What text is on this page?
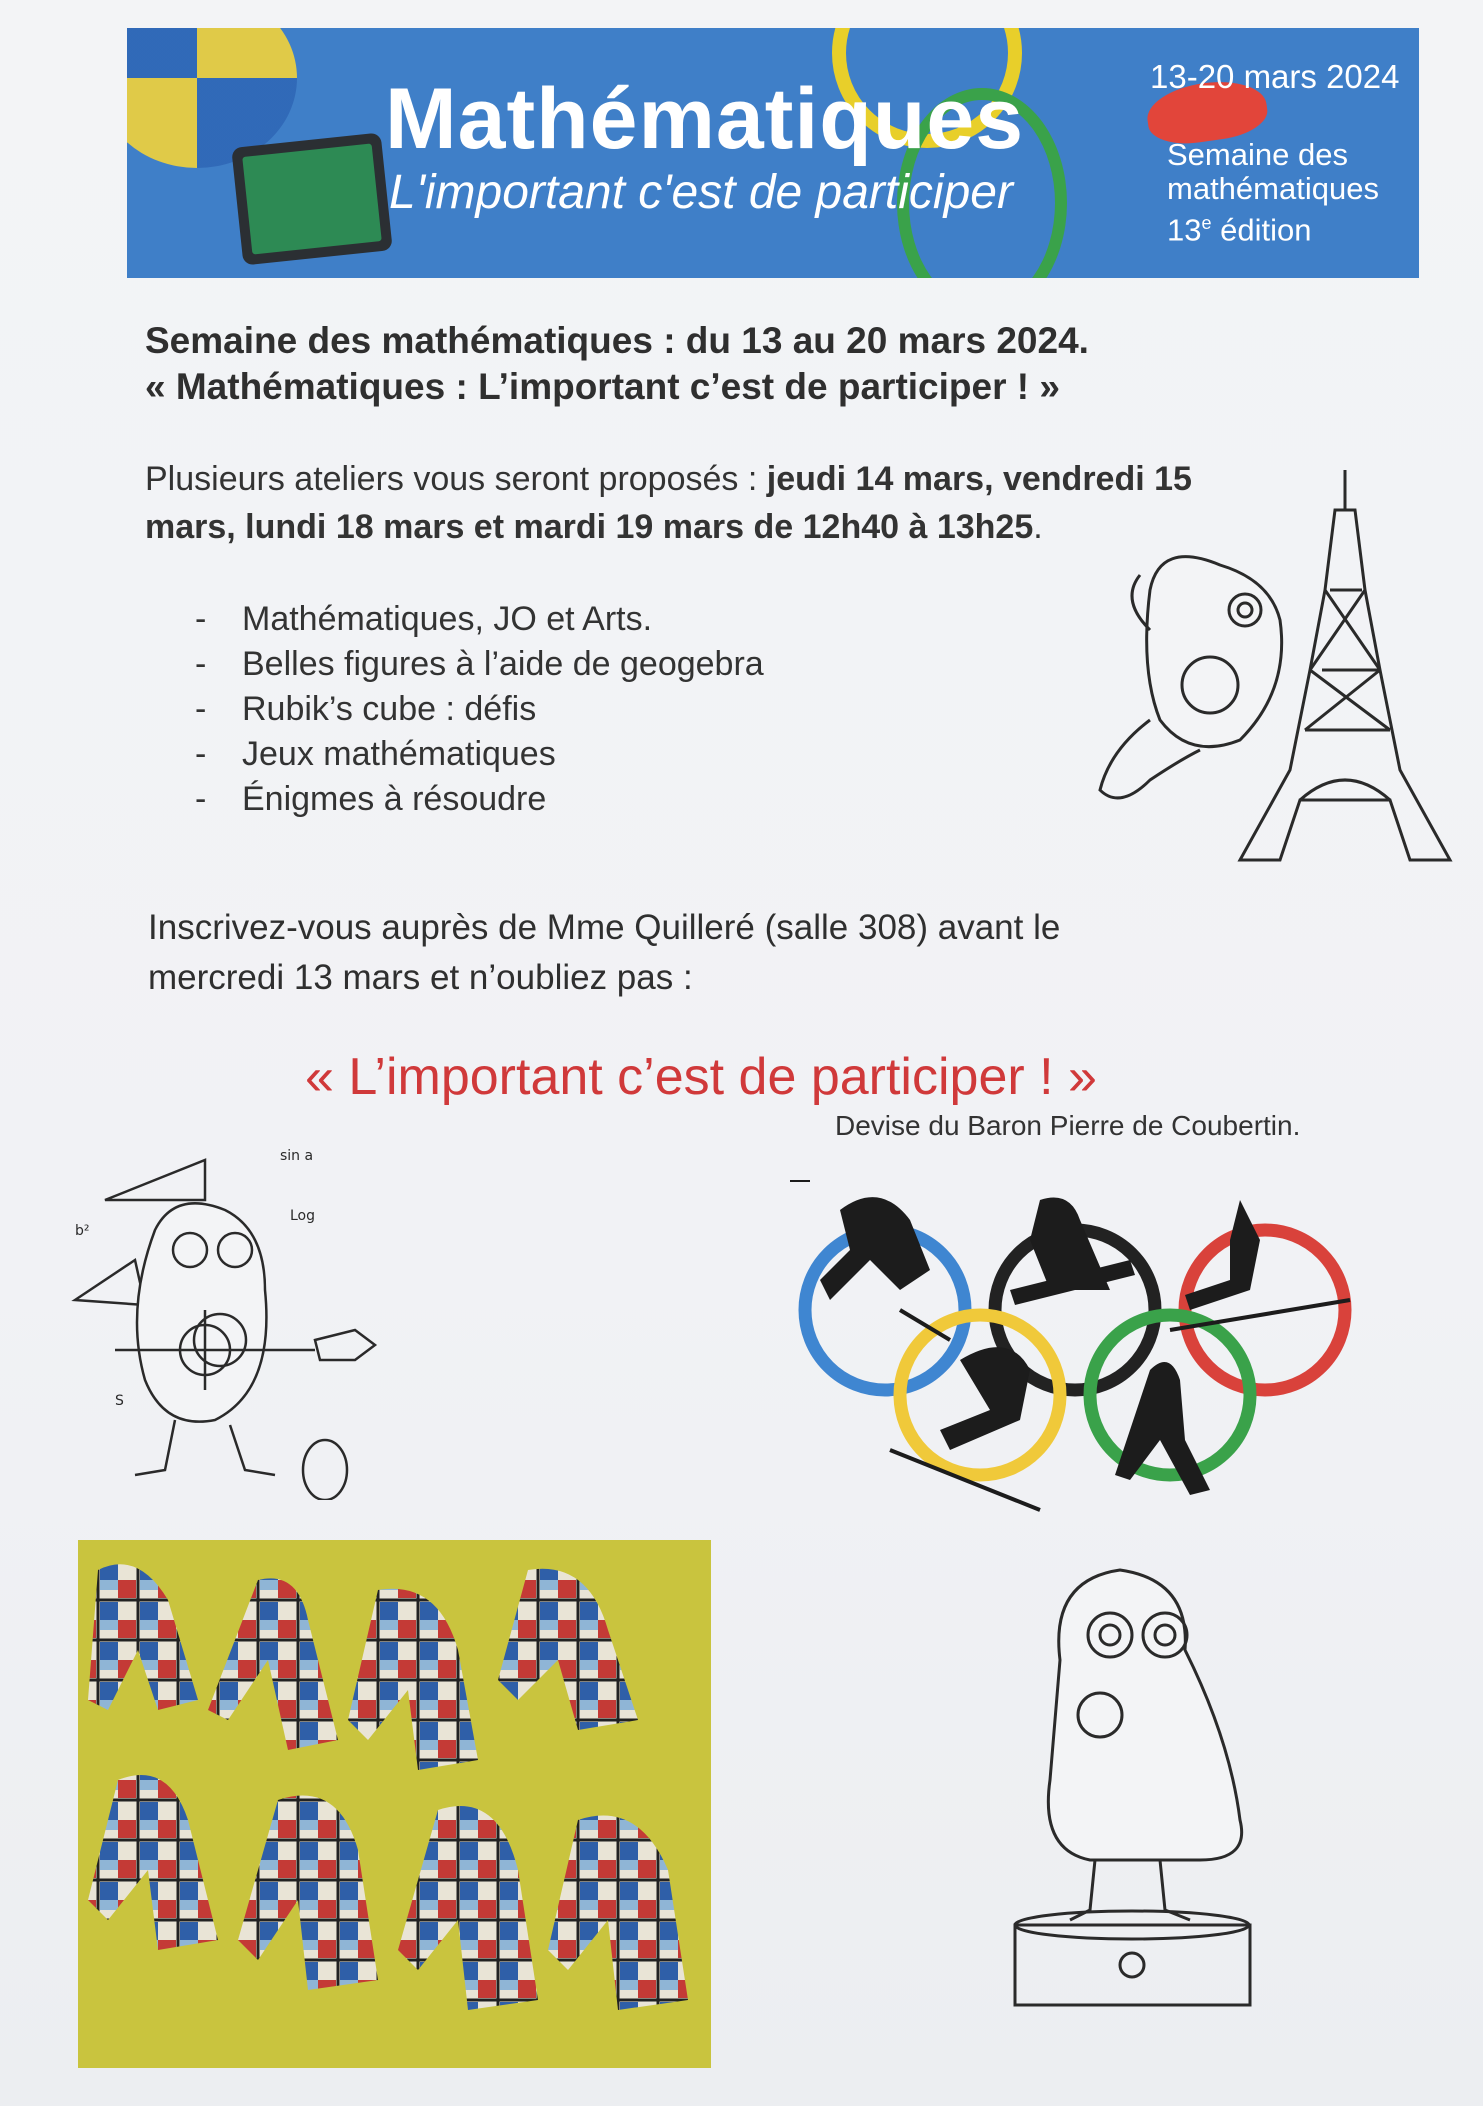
Mathématiques
L'important c'est de participer
13-20 mars 2024
Semaine des
mathématiques
13e édition
Semaine des mathématiques : du 13 au 20 mars 2024.
« Mathématiques : L’important c’est de participer ! »
Plusieurs ateliers vous seront proposés : jeudi 14 mars, vendredi 15
mars, lundi 18 mars et mardi 19 mars de 12h40 à 13h25.
-	Mathématiques, JO et Arts.
-	Belles figures à l’aide de geogebra
-	Rubik’s cube : défis
-	Jeux mathématiques
-	Énigmes à résoudre
Inscrivez-vous auprès de Mme Quilleré (salle 308) avant le
mercredi 13 mars et n’oubliez pas :
« L’important c’est de participer ! »
Devise du Baron Pierre de Coubertin.
sin a
Log
b²
S
